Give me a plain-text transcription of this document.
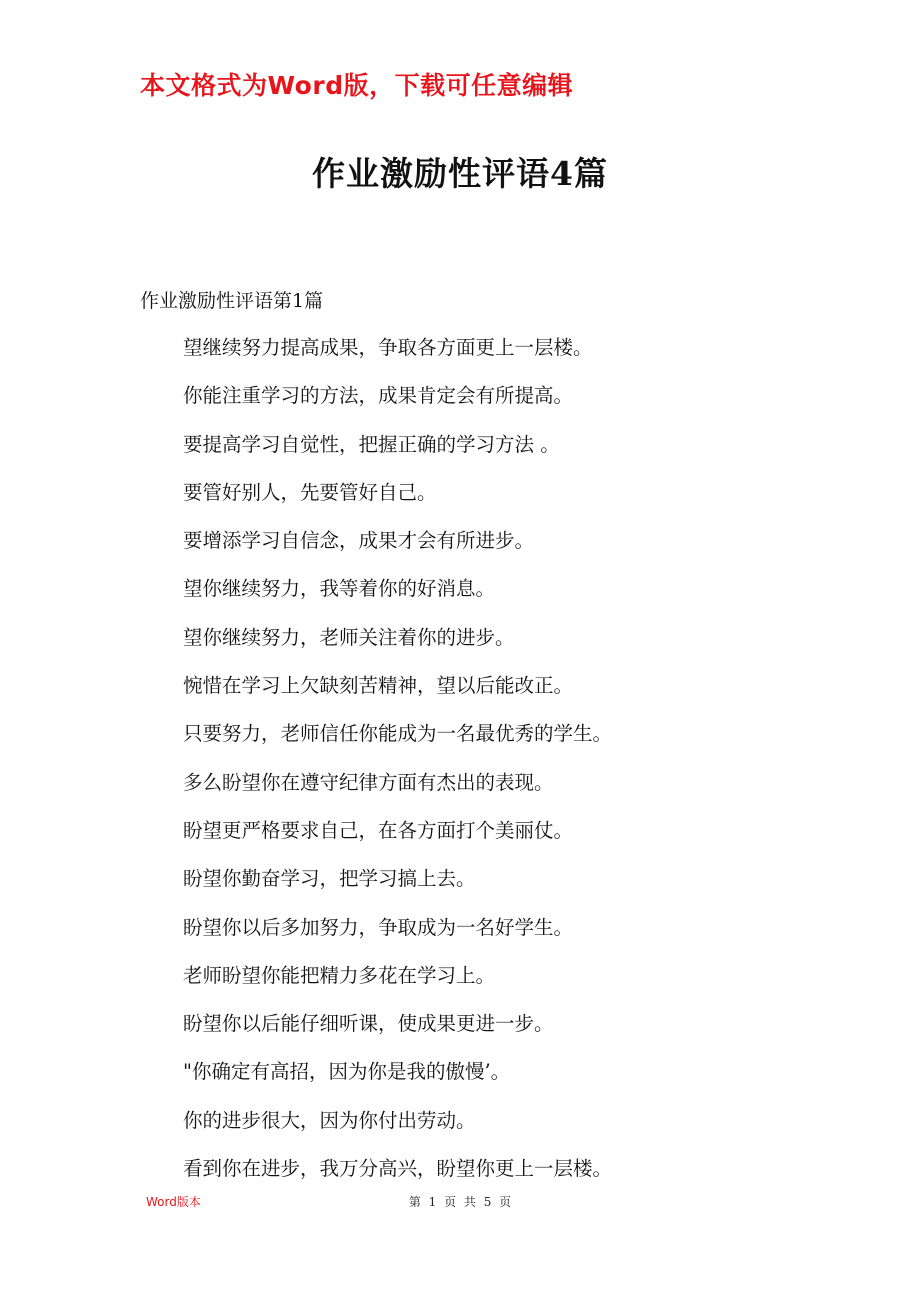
本文格式为Word版，下载可任意编辑
作业激励性评语4篇
作业激励性评语第1篇
望继续努力提高成果，争取各方面更上一层楼。
你能注重学习的方法，成果肯定会有所提高。
要提高学习自觉性，把握正确的学习方法 。
要管好别人，先要管好自己。
要增添学习自信念，成果才会有所进步。
望你继续努力，我等着你的好消息。
望你继续努力，老师关注着你的进步。
惋惜在学习上欠缺刻苦精神，望以后能改正。
只要努力，老师信任你能成为一名最优秀的学生。
多么盼望你在遵守纪律方面有杰出的表现。
盼望更严格要求自己，在各方面打个美丽仗。
盼望你勤奋学习，把学习搞上去。
盼望你以后多加努力，争取成为一名好学生。
老师盼望你能把精力多花在学习上。
盼望你以后能仔细听课，使成果更进一步。
"你确定有高招，因为你是我的傲慢’。
你的进步很大，因为你付出劳动。
看到你在进步，我万分高兴，盼望你更上一层楼。
Word版本	第 1 页 共 5 页
